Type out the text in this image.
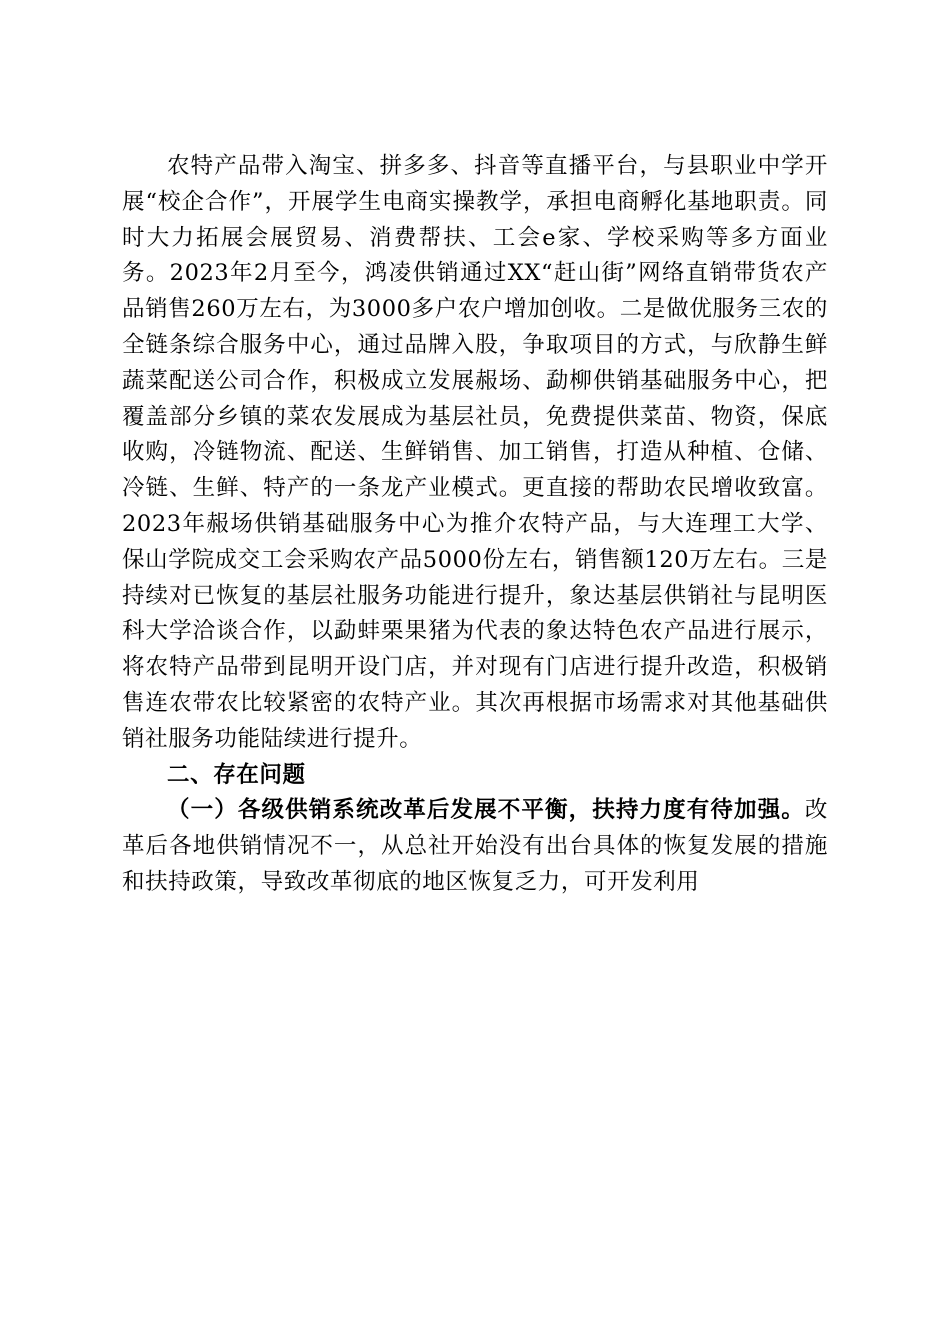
农特产品带入淘宝、拼多多、抖音等直播平台，与县职业中学开展“校企合作”，开展学生电商实操教学，承担电商孵化基地职责。同时大力拓展会展贸易、消费帮扶、工会e家、学校采购等多方面业务。2023年2月至今，鸿凌供销通过XX“赶山街”网络直销带货农产品销售260万左右，为3000多户农户增加创收。二是做优服务三农的全链条综合服务中心，通过品牌入股，争取项目的方式，与欣静生鲜蔬菜配送公司合作，积极成立发展赧场、勐柳供销基础服务中心，把覆盖部分乡镇的菜农发展成为基层社员，免费提供菜苗、物资，保底收购，冷链物流、配送、生鲜销售、加工销售，打造从种植、仓储、冷链、生鲜、特产的一条龙产业模式。更直接的帮助农民增收致富。2023年赧场供销基础服务中心为推介农特产品，与大连理工大学、保山学院成交工会采购农产品5000份左右，销售额120万左右。三是持续对已恢复的基层社服务功能进行提升，象达基层供销社与昆明医科大学洽谈合作，以勐蚌栗果猪为代表的象达特色农产品进行展示，将农特产品带到昆明开设门店，并对现有门店进行提升改造，积极销售连农带农比较紧密的农特产业。其次再根据市场需求对其他基础供销社服务功能陆续进行提升。

二、存在问题

（一）各级供销系统改革后发展不平衡，扶持力度有待加强。改革后各地供销情况不一，从总社开始没有出台具体的恢复发展的措施和扶持政策，导致改革彻底的地区恢复乏力，可开发利用
